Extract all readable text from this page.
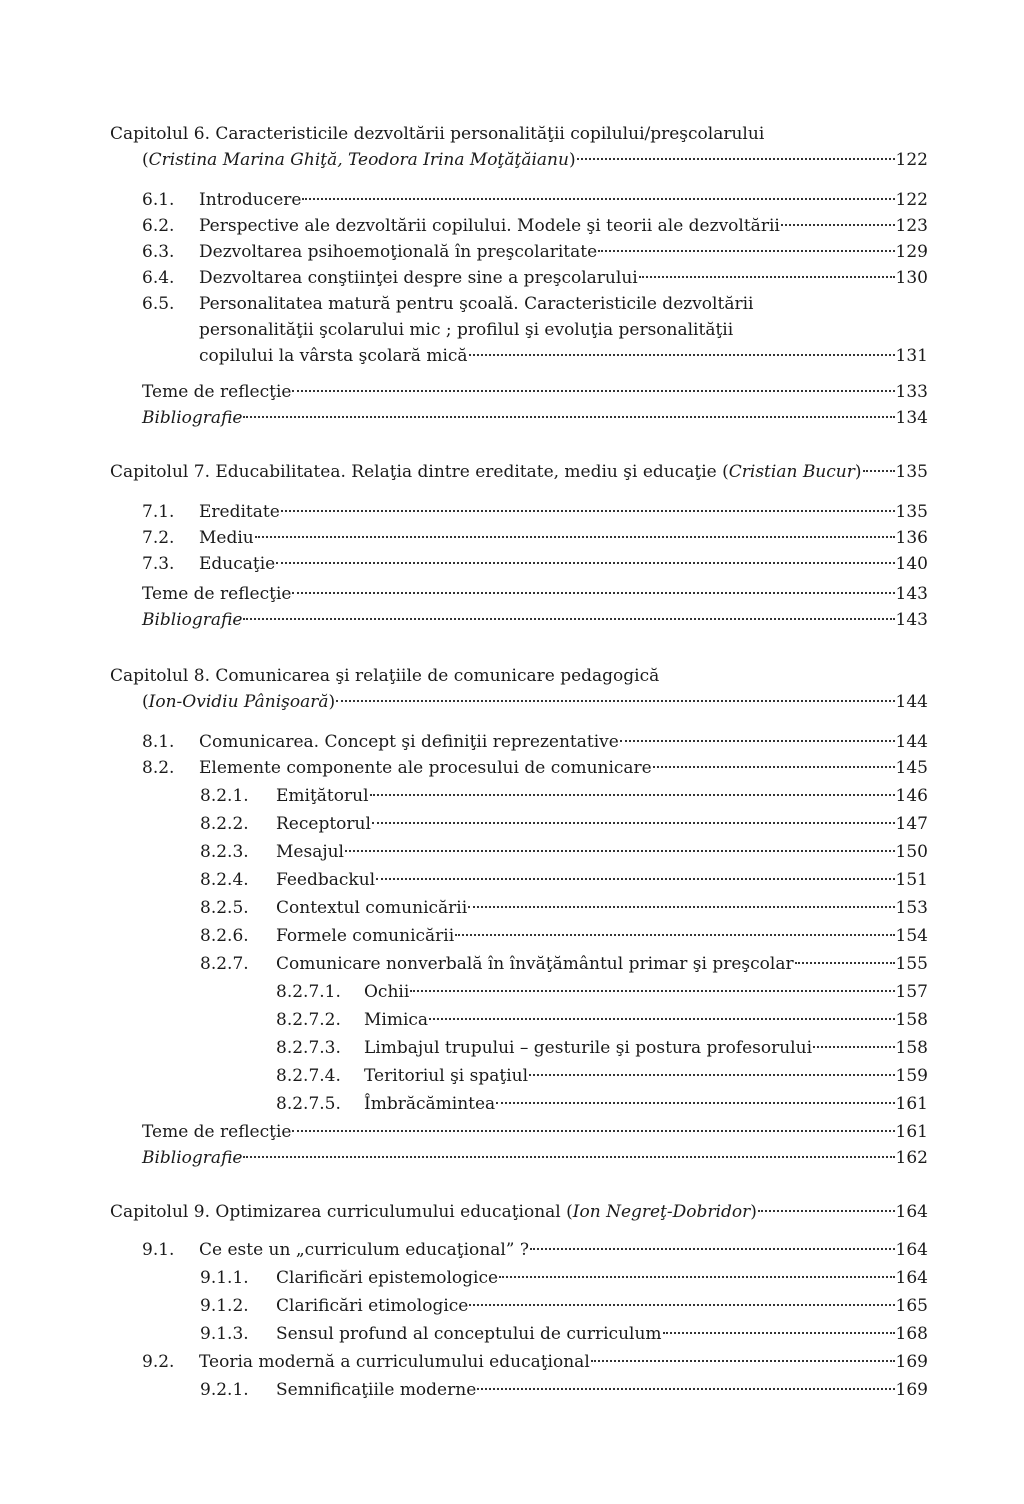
Capitolul 6. Caracteristicile dezvoltării personalităţii copilului/preşcolarului
(Cristina Marina Ghiţă, Teodora Irina Moţăţăianu)	122
6.1.	Introducere	122
6.2.	Perspective ale dezvoltării copilului. Modele şi teorii ale dezvoltării	123
6.3.	Dezvoltarea psihoemoţională în preşcolaritate	129
6.4.	Dezvoltarea conştiinţei despre sine a preşcolarului	130
6.5.	Personalitatea matură pentru şcoală. Caracteristicile dezvoltării
personalităţii şcolarului mic ; profilul şi evoluţia personalităţii
copilului la vârsta şcolară mică	131
Teme de reflecţie	133
Bibliografie	134
Capitolul 7. Educabilitatea. Relaţia dintre ereditate, mediu şi educaţie (Cristian Bucur) 135
7.1.	Ereditate	135
7.2.	Mediu	136
7.3.	Educaţie	140
Teme de reflecţie	143
Bibliografie	143
Capitolul 8. Comunicarea şi relaţiile de comunicare pedagogică
(Ion-Ovidiu Pânişoară)	144
8.1.	Comunicarea. Concept şi definiţii reprezentative	144
8.2.	Elemente componente ale procesului de comunicare	145
8.2.1.	Emiţătorul	146
8.2.2.	Receptorul	147
8.2.3.	Mesajul	150
8.2.4.	Feedbackul	151
8.2.5.	Contextul comunicării	153
8.2.6.	Formele comunicării	154
8.2.7.	Comunicare nonverbală în învăţământul primar şi preşcolar	155
8.2.7.1.	Ochii	157
8.2.7.2.	Mimica	158
8.2.7.3.	Limbajul trupului – gesturile şi postura profesorului	158
8.2.7.4.	Teritoriul şi spaţiul	159
8.2.7.5.	Îmbrăcămintea	161
Teme de reflecţie	161
Bibliografie	162
Capitolul 9. Optimizarea curriculumului educaţional (Ion Negreţ-Dobridor)	164
9.1.	Ce este un „curriculum educaţional” ?	164
9.1.1.	Clarificări epistemologice	164
9.1.2.	Clarificări etimologice	165
9.1.3.	Sensul profund al conceptului de curriculum	168
9.2.	Teoria modernă a curriculumului educaţional	169
9.2.1.	Semnificaţiile moderne	169
